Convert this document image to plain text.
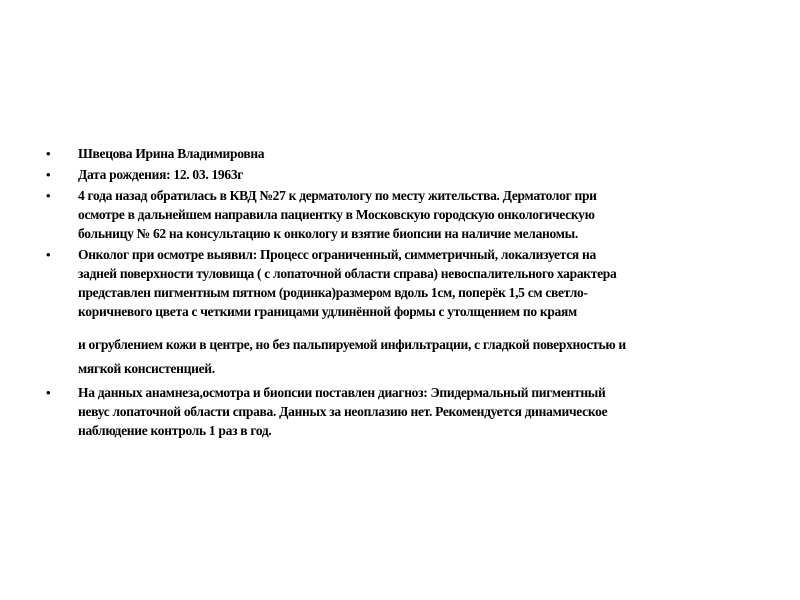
•	Швецова Ирина Владимировна
•	Дата рождения: 12. 03. 1963г
•	4 года назад обратилась в КВД №27 к дерматологу по месту жительства. Дерматолог при
осмотре в дальнейшем направила пациентку в Московскую городскую онкологическую
больницу № 62 на консультацию к онкологу и взятие биопсии на наличие меланомы.
•	Онколог при осмотре выявил: Процесс ограниченный, симметричный, локализуется на
задней поверхности туловища ( с лопаточной области справа) невоспалительного характера
представлен пигментным пятном (родинка)размером вдоль 1см, поперёк 1,5 см светло-
коричневого цвета с четкими границами удлинённой формы с утолщением по краям
и огрублением кожи в центре, но без пальпируемой инфильтрации, с гладкой поверхностью и
мягкой консистенцией.
•	На данных анамнеза,осмотра и биопсии поставлен диагноз: Эпидермальный пигментный
невус лопаточной области справа. Данных за неоплазию нет. Рекомендуется динамическое
наблюдение контроль 1 раз в год.
